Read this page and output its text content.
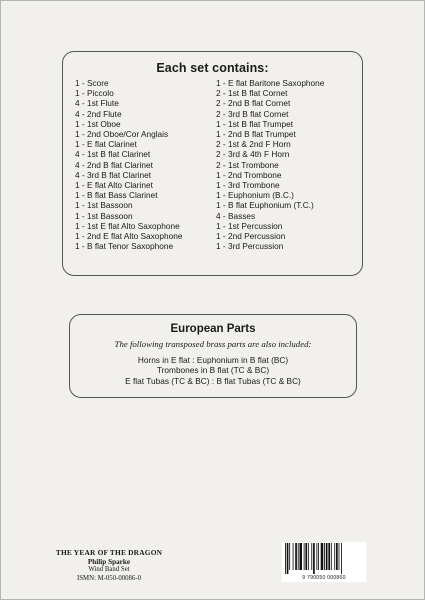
Each set contains:
1 - Score
1 - Piccolo
4 - 1st Flute
4 - 2nd Flute
1 - 1st Oboe
1 - 2nd Oboe/Cor Anglais
1 - E flat Clarinet
4 - 1st B flat Clarinet
4 - 2nd B flat Clarinet
4 - 3rd B flat Clarinet
1 - E flat Alto Clarinet
1 - B flat Bass Clarinet
1 - 1st Bassoon
1 - 1st Bassoon
1 - 1st E flat Alto Saxophone
1 - 2nd E flat Alto Saxophone
1 - B flat Tenor Saxophone
1 - E flat Baritone Saxophone
2 - 1st B flat Cornet
2 - 2nd B flat Cornet
2 - 3rd B flat Cornet
1 - 1st B flat Trumpet
1 - 2nd B flat Trumpet
2 - 1st & 2nd F Horn
2 - 3rd & 4th F Horn
2 - 1st Trombone
1 - 2nd Trombone
1 - 3rd Trombone
1 - Euphonium (B.C.)
1 - B flat Euphonium (T.C.)
4 - Basses
1 - 1st Percussion
1 - 2nd Percussion
1 - 3rd Percussion
European Parts
The following transposed brass parts are also included:
Horns in E flat : Euphonium in B flat (BC)
Trombones in B flat (TC & BC)
E flat Tubas (TC & BC) : B flat Tubas (TC & BC)
THE YEAR OF THE DRAGON
Philip Sparke
Wind Band Set
ISMN: M-050-00086-0	9 790050 000860
